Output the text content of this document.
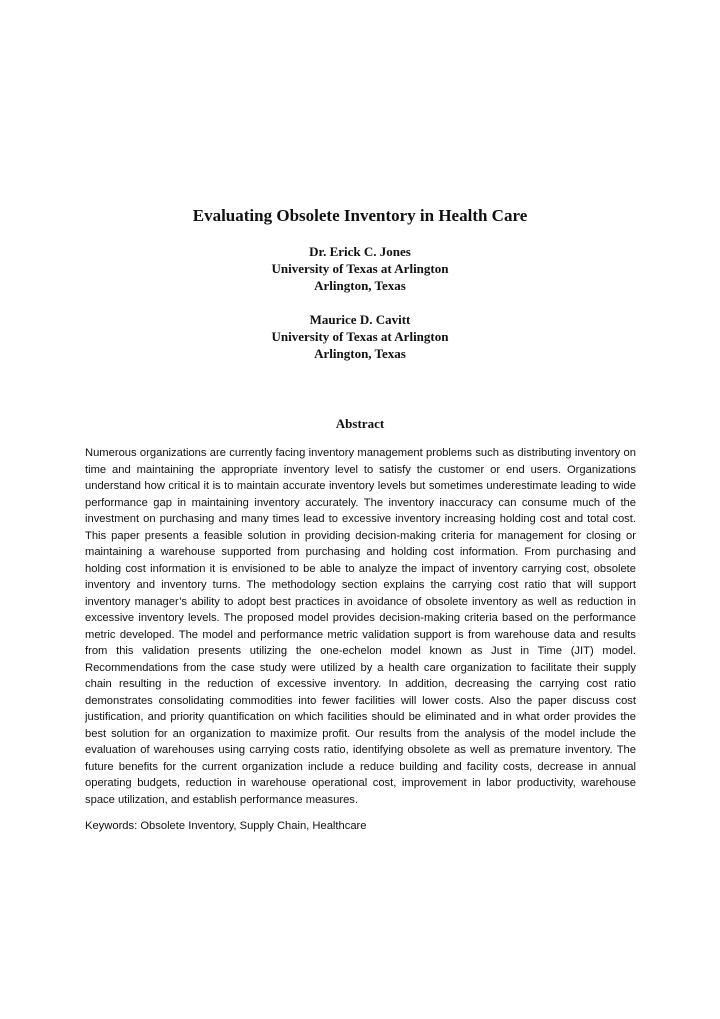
Evaluating Obsolete Inventory in Health Care
Dr. Erick C. Jones
University of Texas at Arlington
Arlington, Texas
Maurice D. Cavitt
University of Texas at Arlington
Arlington, Texas
Abstract

Numerous organizations are currently facing inventory management problems such as distributing inventory on time and maintaining the appropriate inventory level to satisfy the customer or end users. Organizations understand how critical it is to maintain accurate inventory levels but sometimes underestimate leading to wide performance gap in maintaining inventory accurately. The inventory inaccuracy can consume much of the investment on purchasing and many times lead to excessive inventory increasing holding cost and total cost. This paper presents a feasible solution in providing decision-making criteria for management for closing or maintaining a warehouse supported from purchasing and holding cost information. From purchasing and holding cost information it is envisioned to be able to analyze the impact of inventory carrying cost, obsolete inventory and inventory turns. The methodology section explains the carrying cost ratio that will support inventory manager’s ability to adopt best practices in avoidance of obsolete inventory as well as reduction in excessive inventory levels. The proposed model provides decision-making criteria based on the performance metric developed. The model and performance metric validation support is from warehouse data and results from this validation presents utilizing the one-echelon model known as Just in Time (JIT) model. Recommendations from the case study were utilized by a health care organization to facilitate their supply chain resulting in the reduction of excessive inventory. In addition, decreasing the carrying cost ratio demonstrates consolidating commodities into fewer facilities will lower costs. Also the paper discuss cost justification, and priority quantification on which facilities should be eliminated and in what order provides the best solution for an organization to maximize profit. Our results from the analysis of the model include the evaluation of warehouses using carrying costs ratio, identifying obsolete as well as premature inventory. The future benefits for the current organization include a reduce building and facility costs, decrease in annual operating budgets, reduction in warehouse operational cost, improvement in labor productivity, warehouse space utilization, and establish performance measures.

Keywords: Obsolete Inventory, Supply Chain, Healthcare
